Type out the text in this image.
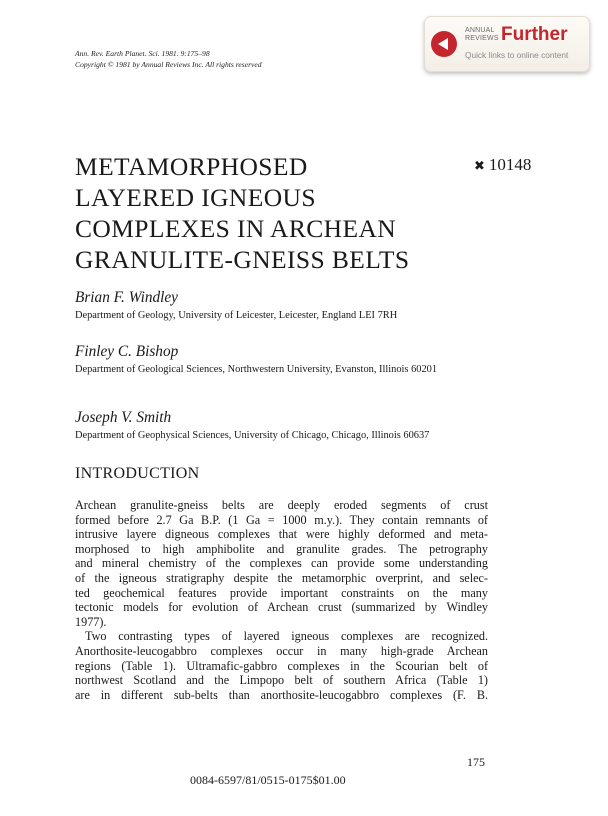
Ann. Rev. Earth Planet. Sci. 1981. 9:175–98
Copyright © 1981 by Annual Reviews Inc. All rights reserved
ANNUAL
REVIEWS Further
Quick links to online content
METAMORPHOSED
LAYERED IGNEOUS
COMPLEXES IN ARCHEAN
GRANULITE-GNEISS BELTS
✖ 10148
Brian F. Windley
Department of Geology, University of Leicester, Leicester, England LEI 7RH
Finley C. Bishop
Department of Geological Sciences, Northwestern University, Evanston, Illinois 60201
Joseph V. Smith
Department of Geophysical Sciences, University of Chicago, Chicago, Illinois 60637
INTRODUCTION
Archean granulite-gneiss belts are deeply eroded segments of crust
formed before 2.7 Ga B.P. (1 Ga = 1000 m.y.). They contain remnants of
intrusive layere digneous complexes that were highly deformed and meta-
morphosed to high amphibolite and granulite grades. The petrography
and mineral chemistry of the complexes can provide some understanding
of the igneous stratigraphy despite the metamorphic overprint, and selec-
ted geochemical features provide important constraints on the many
tectonic models for evolution of Archean crust (summarized by Windley
1977).
Two contrasting types of layered igneous complexes are recognized.
Anorthosite-leucogabbro complexes occur in many high-grade Archean
regions (Table 1). Ultramafic-gabbro complexes in the Scourian belt of
northwest Scotland and the Limpopo belt of southern Africa (Table 1)
are in different sub-belts than anorthosite-leucogabbro complexes (F. B.
175
0084-6597/81/0515-0175$01.00
